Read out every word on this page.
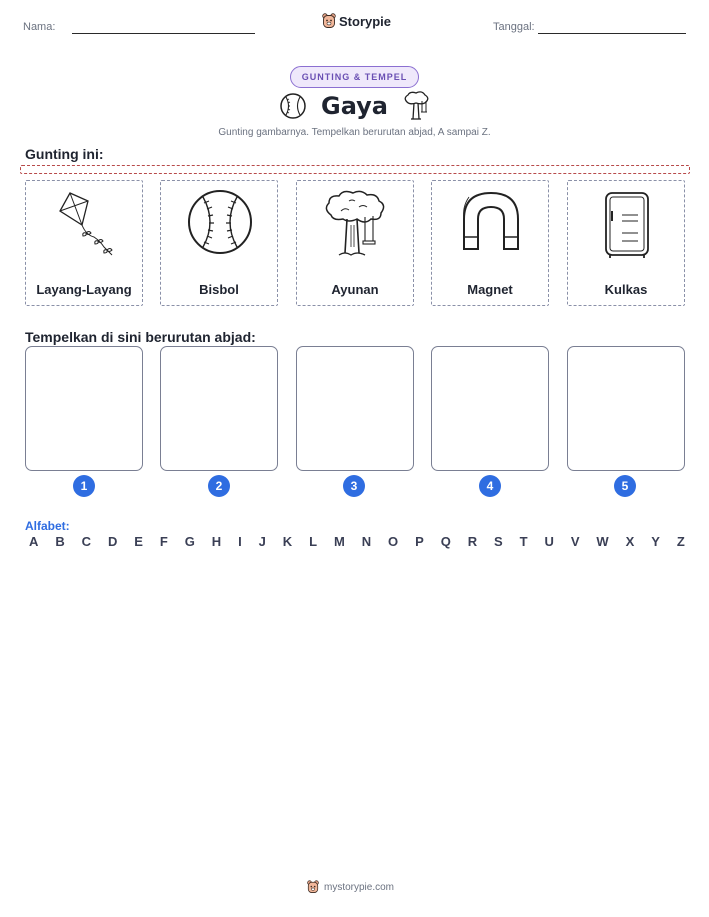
Nama:	Storypie	Tanggal:
GUNTING & TEMPEL
Gaya
Gunting gambarnya. Tempelkan berurutan abjad, A sampai Z.
Gunting ini:
Layang-Layang	Bisbol	Ayunan	Magnet	Kulkas
Tempelkan di sini berurutan abjad:
1	2	3	4	5
Alfabet:
A B C D E F G H I J K L M N O P Q R S T U V W X Y Z
mystorypie.com
